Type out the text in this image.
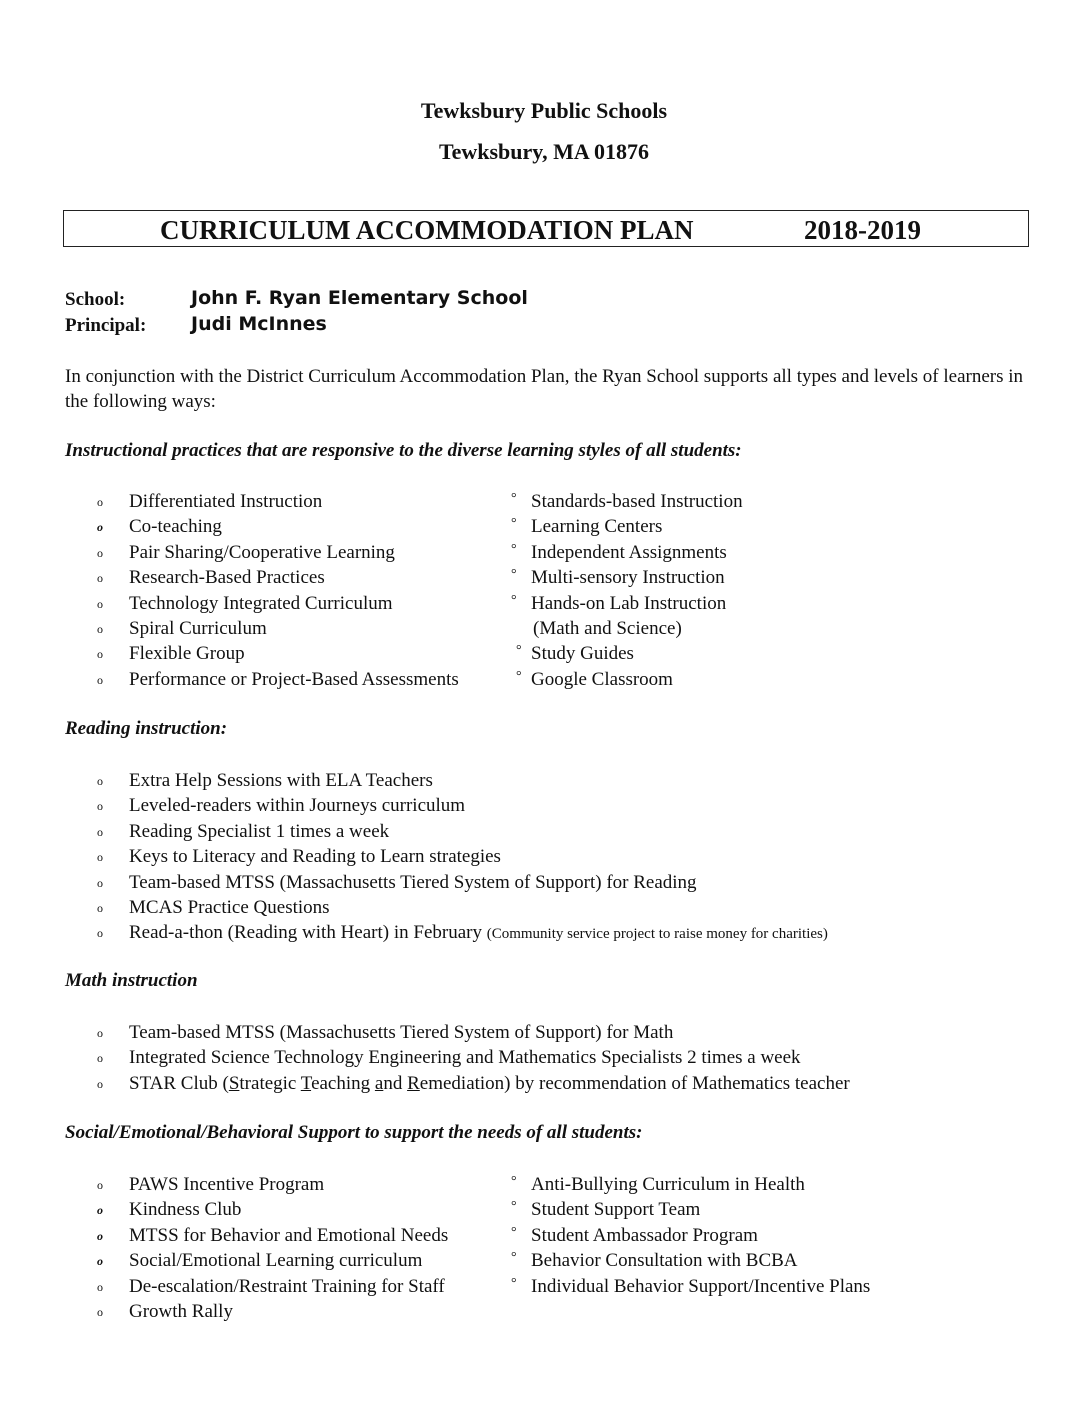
Tewksbury Public Schools
Tewksbury, MA 01876
CURRICULUM ACCOMMODATION PLAN	2018-2019
School:	John F. Ryan Elementary School
Principal: Judi McInnes
In conjunction with the District Curriculum Accommodation Plan, the Ryan School supports all types and levels of learners in the following ways:
Instructional practices that are responsive to the diverse learning styles of all students:
o Differentiated Instruction
o Co-teaching
o Pair Sharing/Cooperative Learning
o Research-Based Practices
o Technology Integrated Curriculum
o Spiral Curriculum
o Flexible Group
o Performance or Project-Based Assessments
° Standards-based Instruction
° Learning Centers
° Independent Assignments
° Multi-sensory Instruction
° Hands-on Lab Instruction
(Math and Science)
° Study Guides
° Google Classroom
Reading instruction:
o Extra Help Sessions with ELA Teachers
o Leveled-readers within Journeys curriculum
o Reading Specialist 1 times a week
o Keys to Literacy and Reading to Learn strategies
o Team-based MTSS (Massachusetts Tiered System of Support) for Reading
o MCAS Practice Questions
o Read-a-thon (Reading with Heart) in February (Community service project to raise money for charities)
Math instruction
o Team-based MTSS (Massachusetts Tiered System of Support) for Math
o Integrated Science Technology Engineering and Mathematics Specialists 2 times a week
o STAR Club (Strategic Teaching and Remediation) by recommendation of Mathematics teacher
Social/Emotional/Behavioral Support to support the needs of all students:
o PAWS Incentive Program
o Kindness Club
o MTSS for Behavior and Emotional Needs
o Social/Emotional Learning curriculum
o De-escalation/Restraint Training for Staff
o Growth Rally
° Anti-Bullying Curriculum in Health
° Student Support Team
° Student Ambassador Program
° Behavior Consultation with BCBA
° Individual Behavior Support/Incentive Plans
